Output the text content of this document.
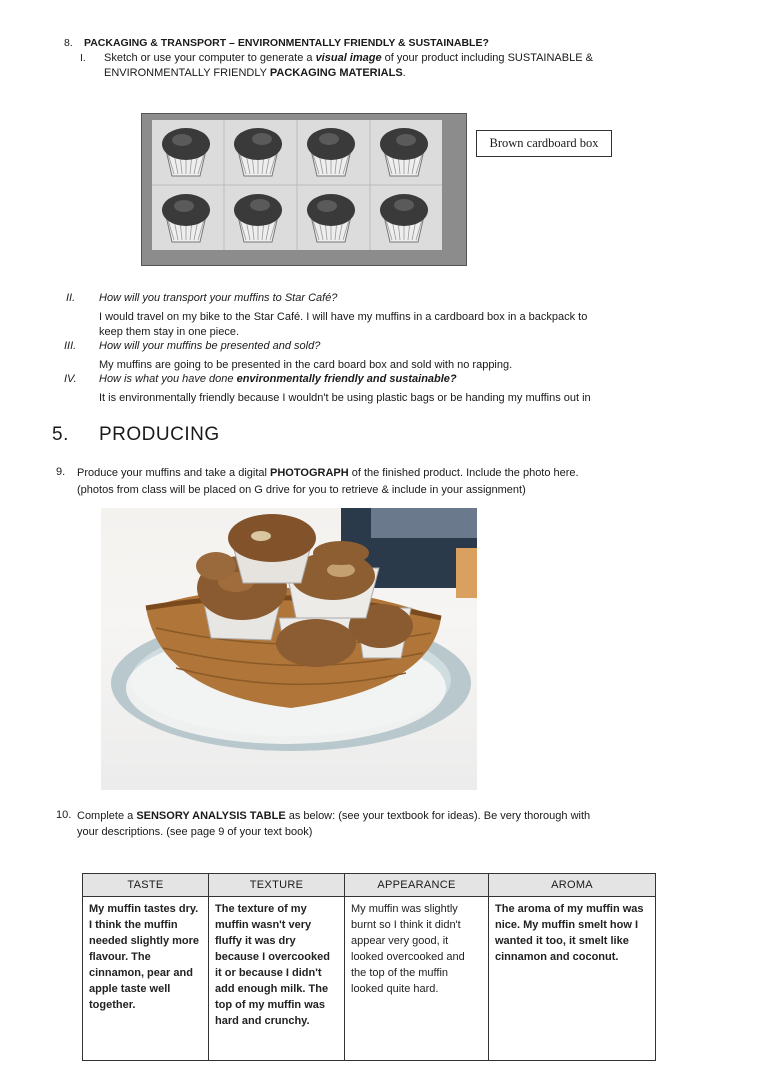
8. PACKAGING & TRANSPORT – ENVIRONMENTALLY FRIENDLY & SUSTAINABLE?
I. Sketch or use your computer to generate a visual image of your product including SUSTAINABLE &
ENVIRONMENTALLY FRIENDLY PACKAGING MATERIALS.
Brown cardboard box
II. How will you transport your muffins to Star Café?
I would travel on my bike to the Star Café. I will have my muffins in a cardboard box in a backpack to
keep them stay in one piece.
III. How will your muffins be presented and sold?
My muffins are going to be presented in the card board box and sold with no rapping.
IV. How is what you have done environmentally friendly and sustainable?
It is environmentally friendly because I wouldn't be using plastic bags or be handing my muffins out in
5. PRODUCING
9. Produce your muffins and take a digital PHOTOGRAPH of the finished product. Include the photo here.
(photos from class will be placed on G drive for you to retrieve & include in your assignment)
10. Complete a SENSORY ANALYSIS TABLE as below: (see your textbook for ideas). Be very thorough with
your descriptions. (see page 9 of your text book)
TASTE	TEXTURE	APPEARANCE	AROMA
My muffin tastes dry. I think the muffin needed slightly more flavour. The cinnamon, pear and apple taste well together.	The texture of my muffin wasn't very fluffy it was dry because I overcooked it or because I didn't add enough milk. The top of my muffin was hard and crunchy.	My muffin was slightly burnt so I think it didn't appear very good, it looked overcooked and the top of the muffin looked quite hard.	The aroma of my muffin was nice. My muffin smelt how I wanted it too, it smelt like cinnamon and coconut.
